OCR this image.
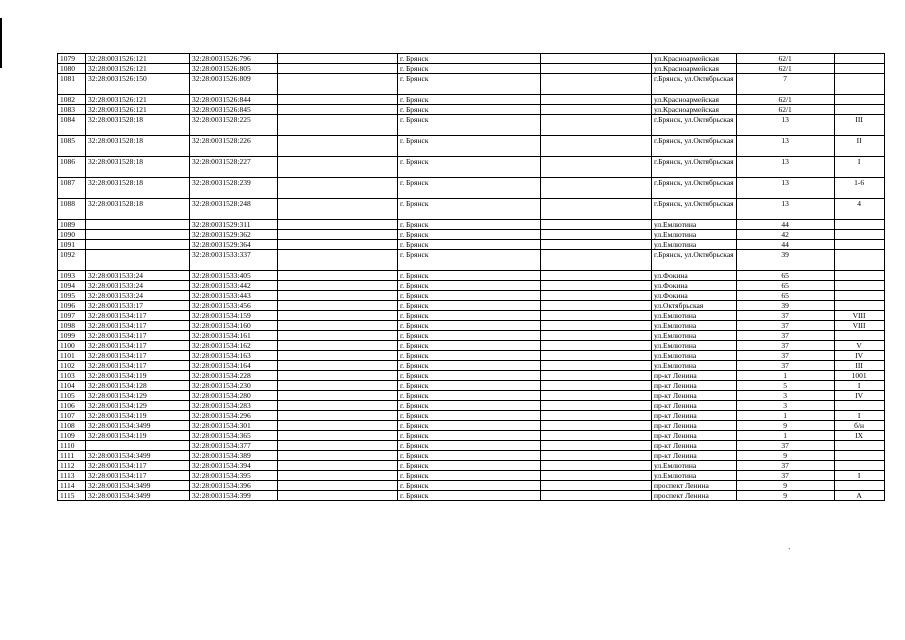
1079	32:28:0031526:121	32:28:0031526:796		г. Брянск		ул.Красноармейская	62/1	
1080	32:28:0031526:121	32:28:0031526:805		г. Брянск		ул.Красноармейская	62/1	
1081	32:28:0031526:150	32:28:0031526:809		г. Брянск		г.Брянск, ул.Октябрьская	7	
1082	32:28:0031526:121	32:28:0031526:844		г. Брянск		ул.Красноармейская	62/1	
1083	32:28:0031526:121	32:28:0031526:845		г. Брянск		ул.Красноармейская	62/1	
1084	32:28:0031528:18	32:28:0031528:225		г. Брянск		г.Брянск, ул.Октябрьская	13	III
1085	32:28:0031528:18	32:28:0031528:226		г. Брянск		г.Брянск, ул.Октябрьская	13	II
1086	32:28:0031528:18	32:28:0031528:227		г. Брянск		г.Брянск, ул.Октябрьская	13	I
1087	32:28:0031528:18	32:28:0031528:239		г. Брянск		г.Брянск, ул.Октябрьская	13	1-6
1088	32:28:0031528:18	32:28:0031528:248		г. Брянск		г.Брянск, ул.Октябрьская	13	4
1089		32:28:0031529:311		г. Брянск		ул.Емлютина	44	
1090		32:28:0031529:362		г. Брянск		ул.Емлютина	42	
1091		32:28:0031529:364		г. Брянск		ул.Емлютина	44	
1092		32:28:0031533:337		г. Брянск		г.Брянск, ул.Октябрьская	39	
1093	32:28:0031533:24	32:28:0031533:405		г. Брянск		ул.Фокина	65	
1094	32:28:0031533:24	32:28:0031533:442		г. Брянск		ул.Фокина	65	
1095	32:28:0031533:24	32:28:0031533:443		г. Брянск		ул.Фокина	65	
1096	32:28:0031533:17	32:28:0031533:456		г. Брянск		ул.Октябрьская	39	
1097	32:28:0031534:117	32:28:0031534:159		г. Брянск		ул.Емлютина	37	VIII
1098	32:28:0031534:117	32:28:0031534:160		г. Брянск		ул.Емлютина	37	VIII
1099	32:28:0031534:117	32:28:0031534:161		г. Брянск		ул.Емлютина	37	
1100	32:28:0031534:117	32:28:0031534:162		г. Брянск		ул.Емлютина	37	V
1101	32:28:0031534:117	32:28:0031534:163		г. Брянск		ул.Емлютина	37	IV
1102	32:28:0031534:117	32:28:0031534:164		г. Брянск		ул.Емлютина	37	III
1103	32:28:0031534:119	32:28:0031534:228		г. Брянск		пр-кт Ленина	1	1001
1104	32:28:0031534:128	32:28:0031534:230		г. Брянск		пр-кт Ленина	5	I
1105	32:28:0031534:129	32:28:0031534:280		г. Брянск		пр-кт Ленина	3	IV
1106	32:28:0031534:129	32:28:0031534:283		г. Брянск		пр-кт Ленина	3	
1107	32:28:0031534:119	32:28:0031534:296		г. Брянск		пр-кт Ленина	1	I
1108	32:28:0031534:3499	32:28:0031534:301		г. Брянск		пр-кт Ленина	9	б/н
1109	32:28:0031534:119	32:28:0031534:365		г. Брянск		пр-кт Ленина	1	IX
1110		32:28:0031534:377		г. Брянск		пр-кт Ленина	37	
1111	32:28:0031534:3499	32:28:0031534:389		г. Брянск		пр-кт Ленина	9	
1112	32:28:0031534:117	32:28:0031534:394		г. Брянск		ул.Емлютина	37	
1113	32:28:0031534:117	32:28:0031534:395		г. Брянск		ул.Емлютина	37	I
1114	32:28:0031534:3499	32:28:0031534:396		г. Брянск		проспект Ленина	9	
1115	32:28:0031534:3499	32:28:0031534:399		г. Брянск		проспект Ленина	9	A
`
